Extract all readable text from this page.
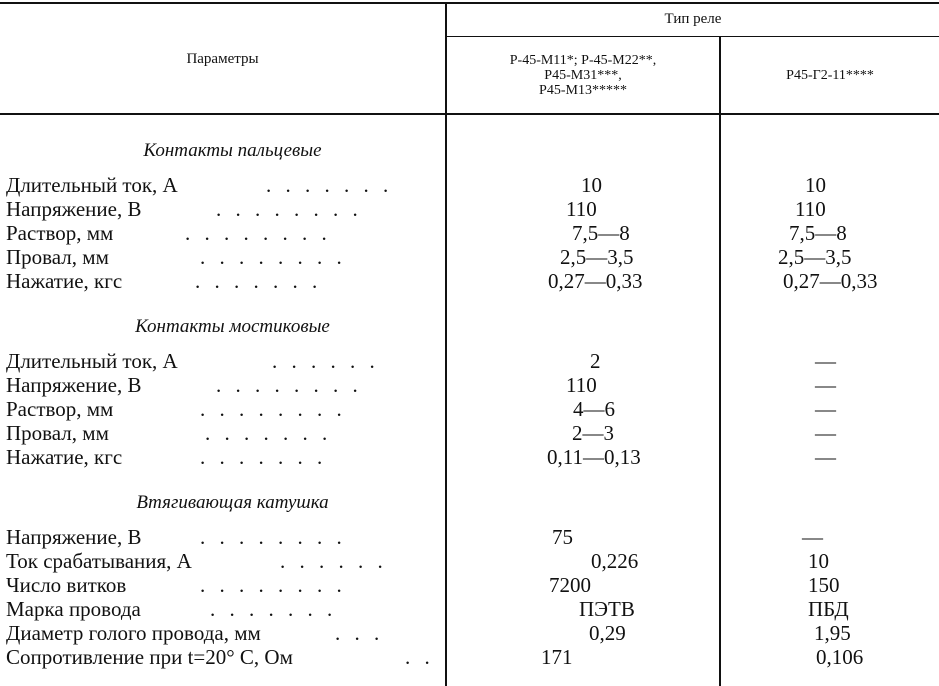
Параметры
Тип реле
Р-45-М11*; Р-45-М22**,
Р45-М31***,
Р45-М13*****
Р45-Г2-11****
Контакты пальцевые
Длительный ток, А	. . . . . . .	10	10
Напряжение, В	. . . . . . . .	110	110
Раствор, мм	. . . . . . . .	7,5—8	7,5—8
Провал, мм	. . . . . . . .	2,5—3,5	2,5—3,5
Нажатие, кгс	. . . . . . .	0,27—0,33	0,27—0,33
Контакты мостиковые
Длительный ток, А	. . . . . .	2	—
Напряжение, В	. . . . . . . .	110	—
Раствор, мм	. . . . . . . .	4—6	—
Провал, мм	. . . . . . .	2—3	—
Нажатие, кгс	. . . . . . .	0,11—0,13	—
Втягивающая катушка
Напряжение, В	. . . . . . . .	75	—
Ток срабатывания, А	. . . . . .	0,226	10
Число витков	. . . . . . . .	7200	150
Марка провода	. . . . . . .	ПЭТВ	ПБД
Диаметр голого провода, мм	. . .	0,29	1,95
Сопротивление при t=20° С, Ом	. .	171	0,106
